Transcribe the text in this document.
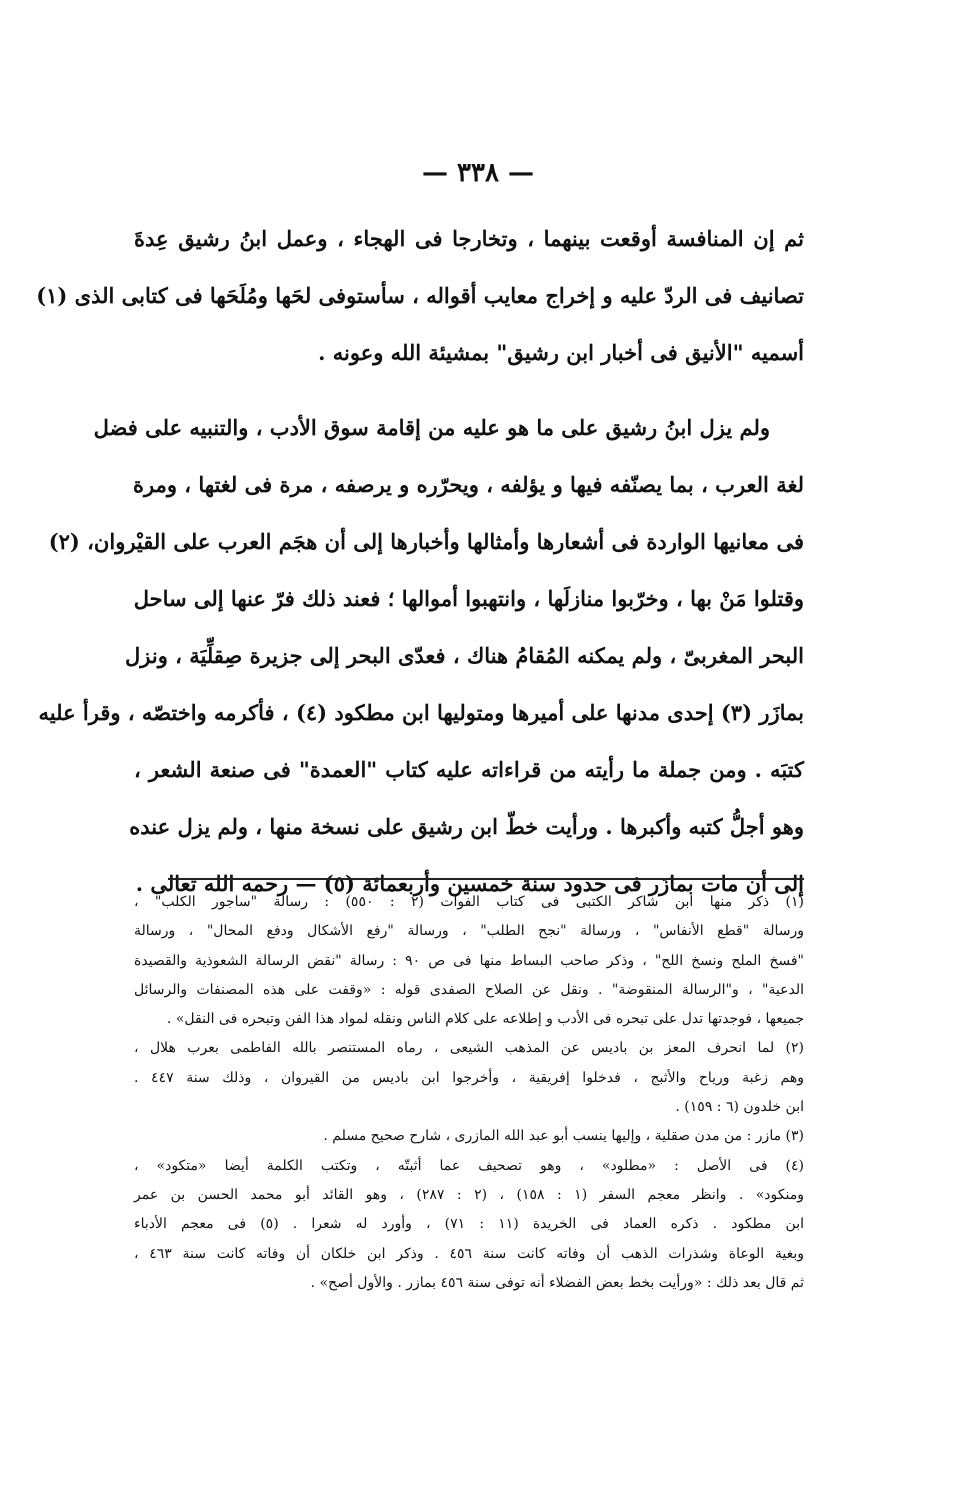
— ٣٣٨ —
ثم إن المنافسة أوقعت بينهما ، وتخارجا فى الهجاء ، وعمل ابنُ رشيق عِدةَ
تصانيف فى الردّ عليه و إخراج معايب أقواله ، سأستوفى لحَها ومُلَحَها فى كتابى الذى (١)
أسميه "الأنيق فى أخبار ابن رشيق" بمشيئة الله وعونه .
ولم يزل ابنُ رشيق على ما هو عليه من إقامة سوق الأدب ، والتنبيه على فضل
لغة العرب ، بما يصنّفه فيها و يؤلفه ، ويحرّره و يرصفه ، مرة فى لغتها ، ومرة
فى معانيها الواردة فى أشعارها وأمثالها وأخبارها إلى أن هجَم العرب على القيْروان، (٢)
وقتلوا مَنْ بها ، وخرّبوا منازلَها ، وانتهبوا أموالها ؛ فعند ذلك فرّ عنها إلى ساحل
البحر المغربىّ ، ولم يمكنه المُقامُ هناك ، فعدّى البحر إلى جزيرة صِقلِّيَة ، ونزل
بمازَر (٣) إحدى مدنها على أميرها ومتوليها ابن مطكود (٤) ، فأكرمه واختصّه ، وقرأ عليه
كتبَه . ومن جملة ما رأيته من قراءاته عليه كتاب "العمدة" فى صنعة الشعر ،
وهو أجلُّ كتبه وأكبرها . ورأيت خطّ ابن رشيق على نسخة منها ، ولم يزل عنده
إلى أن مات بمازَر فى حدود سنة خمسين وأربعمائة (٥) — رحمه الله تعالى .
(١) ذكر منها ابن شاكر الكتبى فى كتاب الفوات (٢ : ٥٥٠) : رسالة "ساجور الكلب" ،
ورسالة "قطع الأنفاس" ، ورسالة "نجح الطلب" ، ورسالة "رفع الأشكال ودفع المحال" ، ورسالة
"فسخ الملح ونسخ اللح" ، وذكر صاحب البساط منها فى ص ٩٠ : رسالة "نقض الرسالة الشعوذية والقصيدة
الدعية" ، و"الرسالة المنقوضة" . ونقل عن الصلاح الصفدى قوله : «وقفت على هذه المصنفات والرسائل
جميعها ، فوجدتها تدل على تبحره فى الأدب و إطلاعه على كلام الناس ونقله لمواد هذا الفن وتبحره فى النقل» .
(٢) لما انحرف المعز بن باديس عن المذهب الشيعى ، رماه المستنصر بالله الفاطمى بعرب هلال ،
وهم زغبة ورياح والأثبج ، فدخلوا إفريقية ، وأخرجوا ابن باديس من القيروان ، وذلك سنة ٤٤٧ .
ابن خلدون (٦ : ١٥٩) .
(٣) مازر : من مدن صقلية ، وإليها ينسب أبو عبد الله المازرى ، شارح صحيح مسلم .
(٤) فى الأصل : «مطلود» ، وهو تصحيف عما أثبتّه ، وتكتب الكلمة أيضا «متكود» ،
ومنكود» . وانظر معجم السفر (١ : ١٥٨) ، (٢ : ٢٨٧) ، وهو القائد أبو محمد الحسن بن عمر
ابن مطكود . ذكره العماد فى الخريدة (١١ : ٧١) ، وأورد له شعرا . (٥) فى معجم الأدباء
وبغية الوعاة وشذرات الذهب أن وفاته كانت سنة ٤٥٦ . وذكر ابن خلكان أن وفاته كانت سنة ٤٦٣ ،
ثم قال بعد ذلك : «ورأيت بخط بعض الفضلاء أنه توفى سنة ٤٥٦ بمازر . والأول أصح» .
